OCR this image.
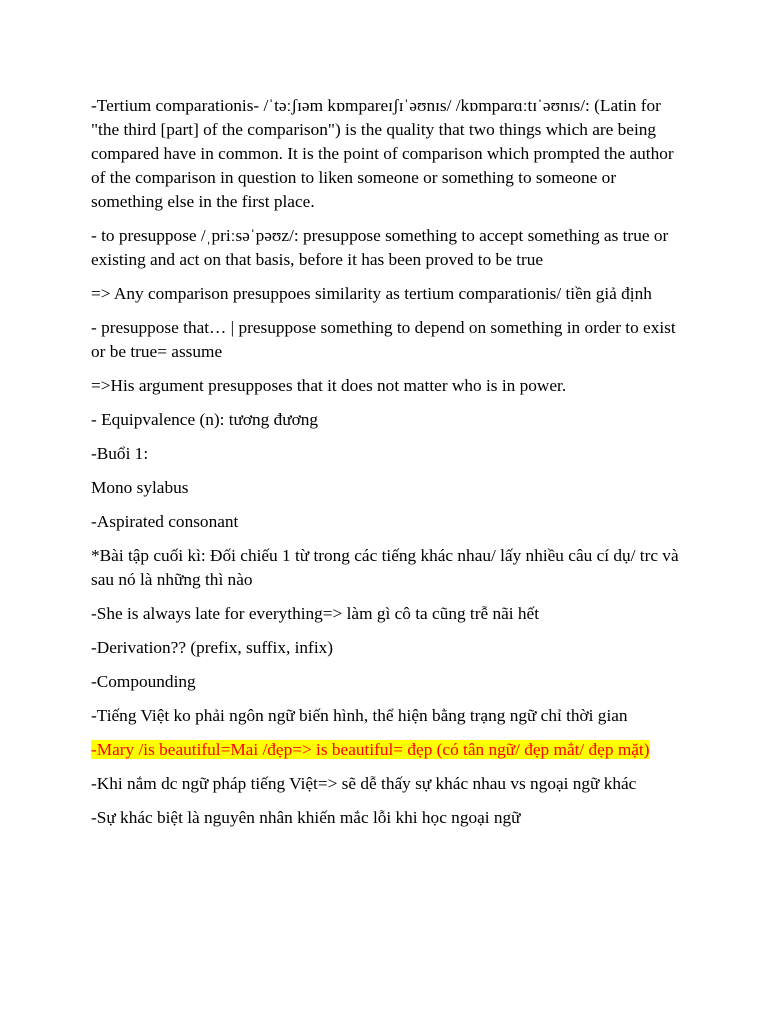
-Tertium comparationis- /ˈtəːʃɪəm kɒmpareɪʃɪˈəʊnɪs/ /kɒmparɑːtɪˈəʊnɪs/: (Latin for "the third [part] of the comparison") is the quality that two things which are being compared have in common. It is the point of comparison which prompted the author of the comparison in question to liken someone or something to someone or something else in the first place.

- to presuppose /ˌpriːsəˈpəʊz/: presuppose something to accept something as true or existing and act on that basis, before it has been proved to be true

=> Any comparison presuppoes similarity as tertium comparationis/ tiền giả định

- presuppose that… | presuppose something to depend on something in order to exist or be true= assume

=>His argument presupposes that it does not matter who is in power.

- Equipvalence (n): tương đương

-Buổi 1:

Mono sylabus

-Aspirated consonant

*Bài tập cuối kì: Đối chiếu 1 từ trong các tiếng khác nhau/ lấy nhiều câu cí dụ/ trc và sau nó là những thì nào

-She is always late for everything=> làm gì cô ta cũng trễ nãi hết

-Derivation?? (prefix, suffix, infix)

-Compounding

-Tiếng Việt ko phải ngôn ngữ biến hình, thể hiện bằng trạng ngữ chỉ thời gian

-Mary /is beautiful=Mai /đẹp=> is beautiful= đẹp (có tân ngữ/ đẹp mắt/ đẹp mặt)

-Khi nắm dc ngữ pháp tiếng Việt=> sẽ dễ thấy sự khác nhau vs ngoại ngữ khác

-Sự khác biệt là nguyên nhân khiến mắc lỗi khi học ngoại ngữ
